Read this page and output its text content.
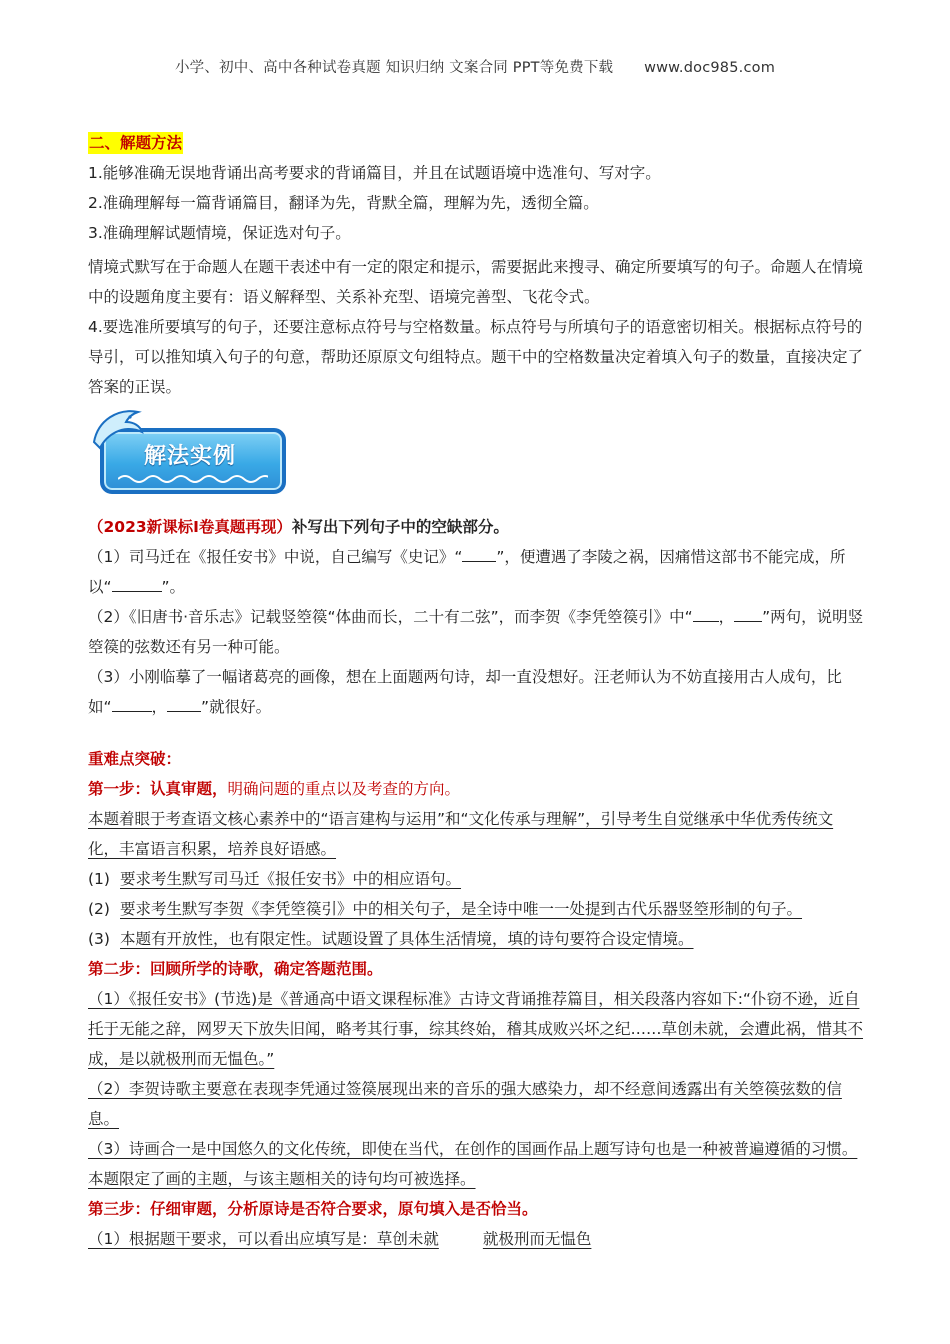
小学、初中、高中各种试卷真题 知识归纳 文案合同 PPT等免费下载 www.doc985.com
二、解题方法

1.能够准确无误地背诵出高考要求的背诵篇目，并且在试题语境中选准句、写对字。

2.准确理解每一篇背诵篇目，翻译为先，背默全篇，理解为先，透彻全篇。

3.准确理解试题情境，保证选对句子。

情境式默写在于命题人在题干表述中有一定的限定和提示，需要据此来搜寻、确定所要填写的句子。命题人在情境中的设题角度主要有：语义解释型、关系补充型、语境完善型、飞花令式。

4.要选准所要填写的句子，还要注意标点符号与空格数量。标点符号与所填句子的语意密切相关。根据标点符号的导引，可以推知填入句子的句意，帮助还原原文句组特点。题干中的空格数量决定着填入句子的数量，直接决定了答案的正误。

解法实例

（2023新课标Ⅰ卷真题再现）补写出下列句子中的空缺部分。

（1）司马迁在《报任安书》中说，自己编写《史记》“ ”，便遭遇了李陵之祸，因痛惜这部书不能完成，所以“	”。

（2）《旧唐书·音乐志》记载竖箜篌“体曲而长，二十有二弦”，而李贺《李凭箜篌引》中“ ， ”两句，说明竖箜篌的弦数还有另一种可能。

（3）小刚临摹了一幅诸葛亮的画像，想在上面题两句诗，却一直没想好。汪老师认为不妨直接用古人成句，比如“	， ”就很好。

重难点突破：

第一步：认真审题，明确问题的重点以及考查的方向。

本题着眼于考查语文核心素养中的“语言建构与运用”和“文化传承与理解”，引导考生自觉继承中华优秀传统文化，丰富语言积累，培养良好语感。

(1) 要求考生默写司马迁《报任安书》中的相应语句。
(2) 要求考生默写李贺《李凭箜篌引》中的相关句子，是全诗中唯一一处提到古代乐器竖箜形制的句子。
(3) 本题有开放性，也有限定性。试题设置了具体生活情境，填的诗句要符合设定情境。

第二步：回顾所学的诗歌，确定答题范围。

（1）《报任安书》(节选)是《普通高中语文课程标准》古诗文背诵推荐篇目，相关段落内容如下:“仆窃不逊，近自托于无能之辞，网罗天下放失旧闻，略考其行事，综其终始，稽其成败兴坏之纪……草创未就，会遭此祸，惜其不成，是以就极刑而无愠色。”

（2）李贺诗歌主要意在表现李凭通过签篌展现出来的音乐的强大感染力，却不经意间透露出有关箜篌弦数的信息。

（3）诗画合一是中国悠久的文化传统，即使在当代，在创作的国画作品上题写诗句也是一种被普遍遵循的习惯。本题限定了画的主题，与该主题相关的诗句均可被选择。

第三步：仔细审题，分析原诗是否符合要求，原句填入是否恰当。

（1）根据题干要求，可以看出应填写是：草创未就	就极刑而无愠色
